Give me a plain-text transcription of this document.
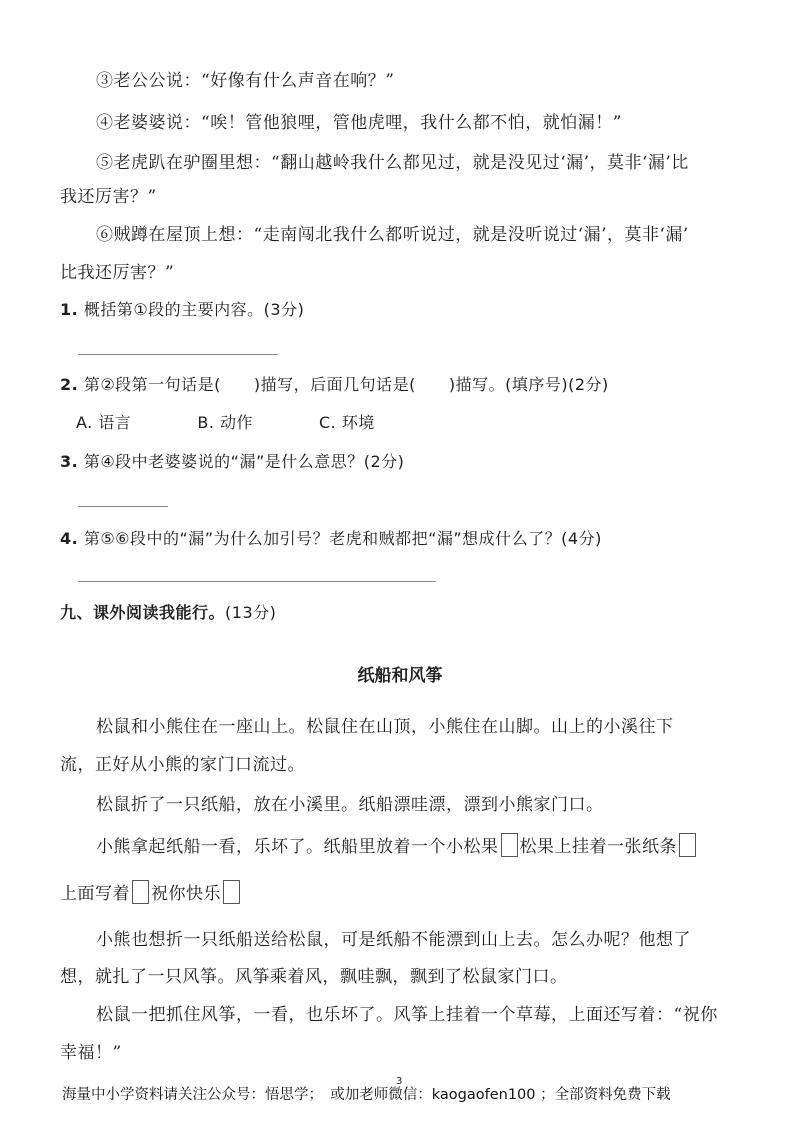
③老公公说：“好像有什么声音在响？”
④老婆婆说：“唉！管他狼哩，管他虎哩，我什么都不怕，就怕漏！”
⑤老虎趴在驴圈里想：“翻山越岭我什么都见过，就是没见过‘漏’，莫非‘漏’比
我还厉害？”
⑥贼蹲在屋顶上想：“走南闯北我什么都听说过，就是没听说过‘漏’，莫非‘漏’
比我还厉害？”
1. 概括第①段的主要内容。(3分)
2. 第②段第一句话是(　　)描写，后面几句话是(　　)描写。(填序号)(2分)
A. 语言　　　　B. 动作　　　　C. 环境
3. 第④段中老婆婆说的“漏”是什么意思？(2分)
4. 第⑤⑥段中的“漏”为什么加引号？老虎和贼都把“漏”想成什么了？(4分)
九、课外阅读我能行。(13分)
纸船和风筝
松鼠和小熊住在一座山上。松鼠住在山顶，小熊住在山脚。山上的小溪往下
流，正好从小熊的家门口流过。
松鼠折了一只纸船，放在小溪里。纸船漂哇漂，漂到小熊家门口。
小熊拿起纸船一看，乐坏了。纸船里放着一个小松果 松果上挂着一张纸条
上面写着 祝你快乐
小熊也想折一只纸船送给松鼠，可是纸船不能漂到山上去。怎么办呢？他想了
想，就扎了一只风筝。风筝乘着风，飘哇飘，飘到了松鼠家门口。
松鼠一把抓住风筝，一看，也乐坏了。风筝上挂着一个草莓，上面还写着：“祝你
幸福！”
3
海量中小学资料请关注公众号：悟思学；　或加老师微信：kaogaofen100 ；全部资料免费下载
